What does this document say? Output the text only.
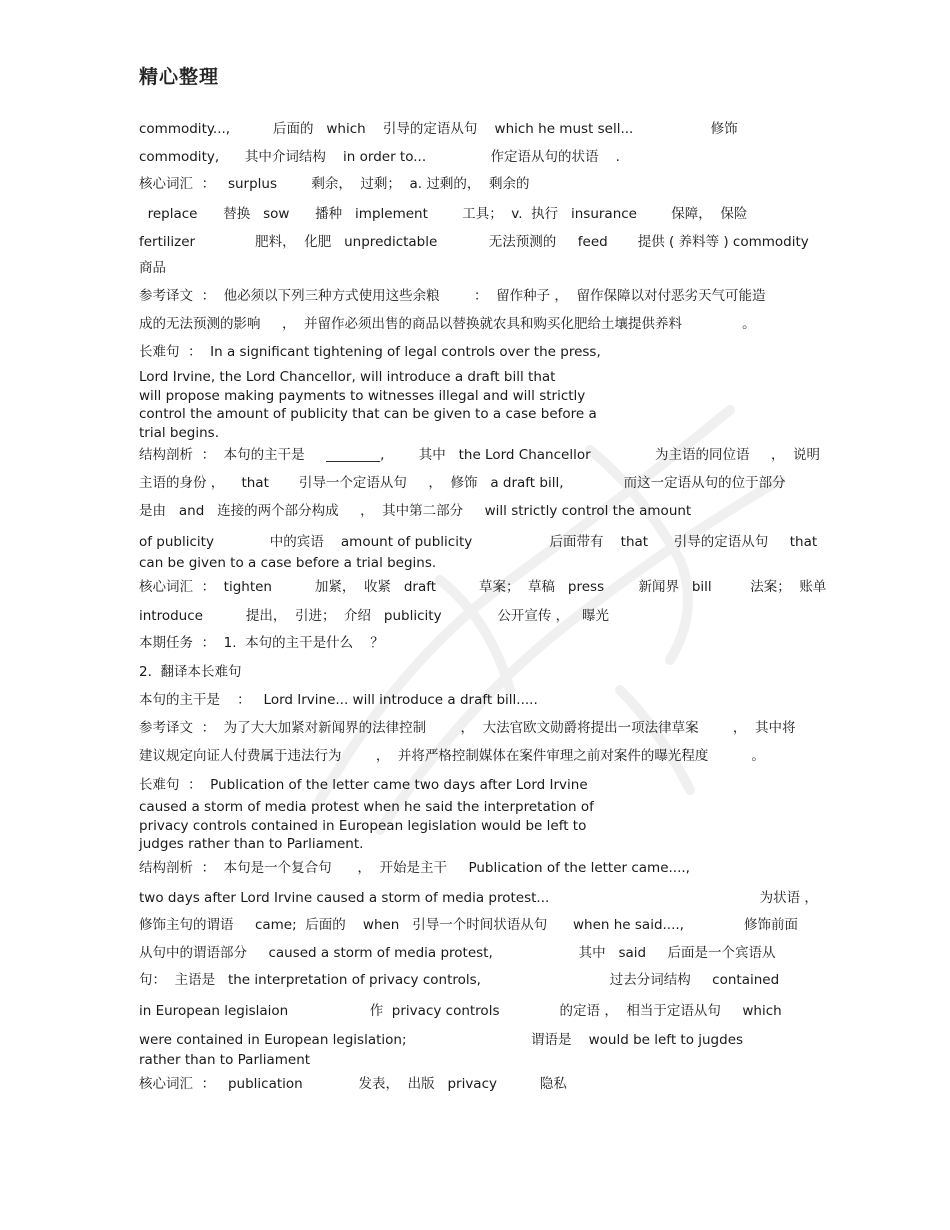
精心整理
commodity...,          后面的   which    引导的定语从句    which he must sell...                  修饰
commodity,      其中介词结构    in order to...               作定语从句的状语    .
核心词汇  ：   surplus        剩余，  过剩；  a. 过剩的，  剩余的
replace      替换   sow      播种   implement        工具；  v.  执行   insurance        保障，  保险
fertilizer              肥料，  化肥   unpredictable            无法预测的     feed       提供 ( 养料等 ) commodity
商品
参考译文  ：  他必须以下列三种方式使用这些余粮        ：  留作种子 ，  留作保障以对付恶劣天气可能造
成的无法预测的影响     ，  并留作必须出售的商品以替换就农具和购买化肥给土壤提供养料              。
长难句  ：  In a significant tightening of legal controls over the press,
Lord Irvine, the Lord Chancellor, will introduce a draft bill that
will propose making payments to witnesses illegal and will strictly
control the amount of publicity that can be given to a case before a
trial begins.
结构剖析  ：  本句的主干是     ________,        其中   the Lord Chancellor               为主语的同位语     ，  说明
主语的身份 ，    that       引导一个定语从句     ，  修饰   a draft bill,              而这一定语从句的位于部分
是由   and   连接的两个部分构成     ，  其中第二部分     will strictly control the amount
of publicity             中的宾语    amount of publicity                  后面带有    that      引导的定语从句     that
can be given to a case before a trial begins.
核心词汇  ：  tighten          加紧，  收紧   draft          草案；  草稿   press        新闻界   bill         法案；  账单
introduce          提出，  引进；  介绍   publicity             公开宣传 ，   曝光
本期任务  ：  1.  本句的主干是什么    ？
2.  翻译本长难句
本句的主干是    ：   Lord Irvine... will introduce a draft bill.....
参考译文  ：  为了大大加紧对新闻界的法律控制        ，  大法官欧文勋爵将提出一项法律草案        ，  其中将
建议规定向证人付费属于违法行为        ，  并将严格控制媒体在案件审理之前对案件的曝光程度          。
长难句  ：  Publication of the letter came two days after Lord Irvine
caused a storm of media protest when he said the interpretation of
privacy controls contained in European legislation would be left to
judges rather than to Parliament.
结构剖析  ：  本句是一个复合句      ，  开始是主干     Publication of the letter came....,
two days after Lord Irvine caused a storm of media protest...                                                 为状语 ，
修饰主句的谓语     came;  后面的    when   引导一个时间状语从句      when he said....,              修饰前面
从句中的谓语部分     caused a storm of media protest,                    其中   said     后面是一个宾语从
句：  主语是   the interpretation of privacy controls,                              过去分词结构     contained
in European legislaion                   作  privacy controls              的定语 ，  相当于定语从句     which
were contained in European legislation;                             谓语是    would be left to jugdes
rather than to Parliament
核心词汇  ：   publication             发表，  出版   privacy          隐私
